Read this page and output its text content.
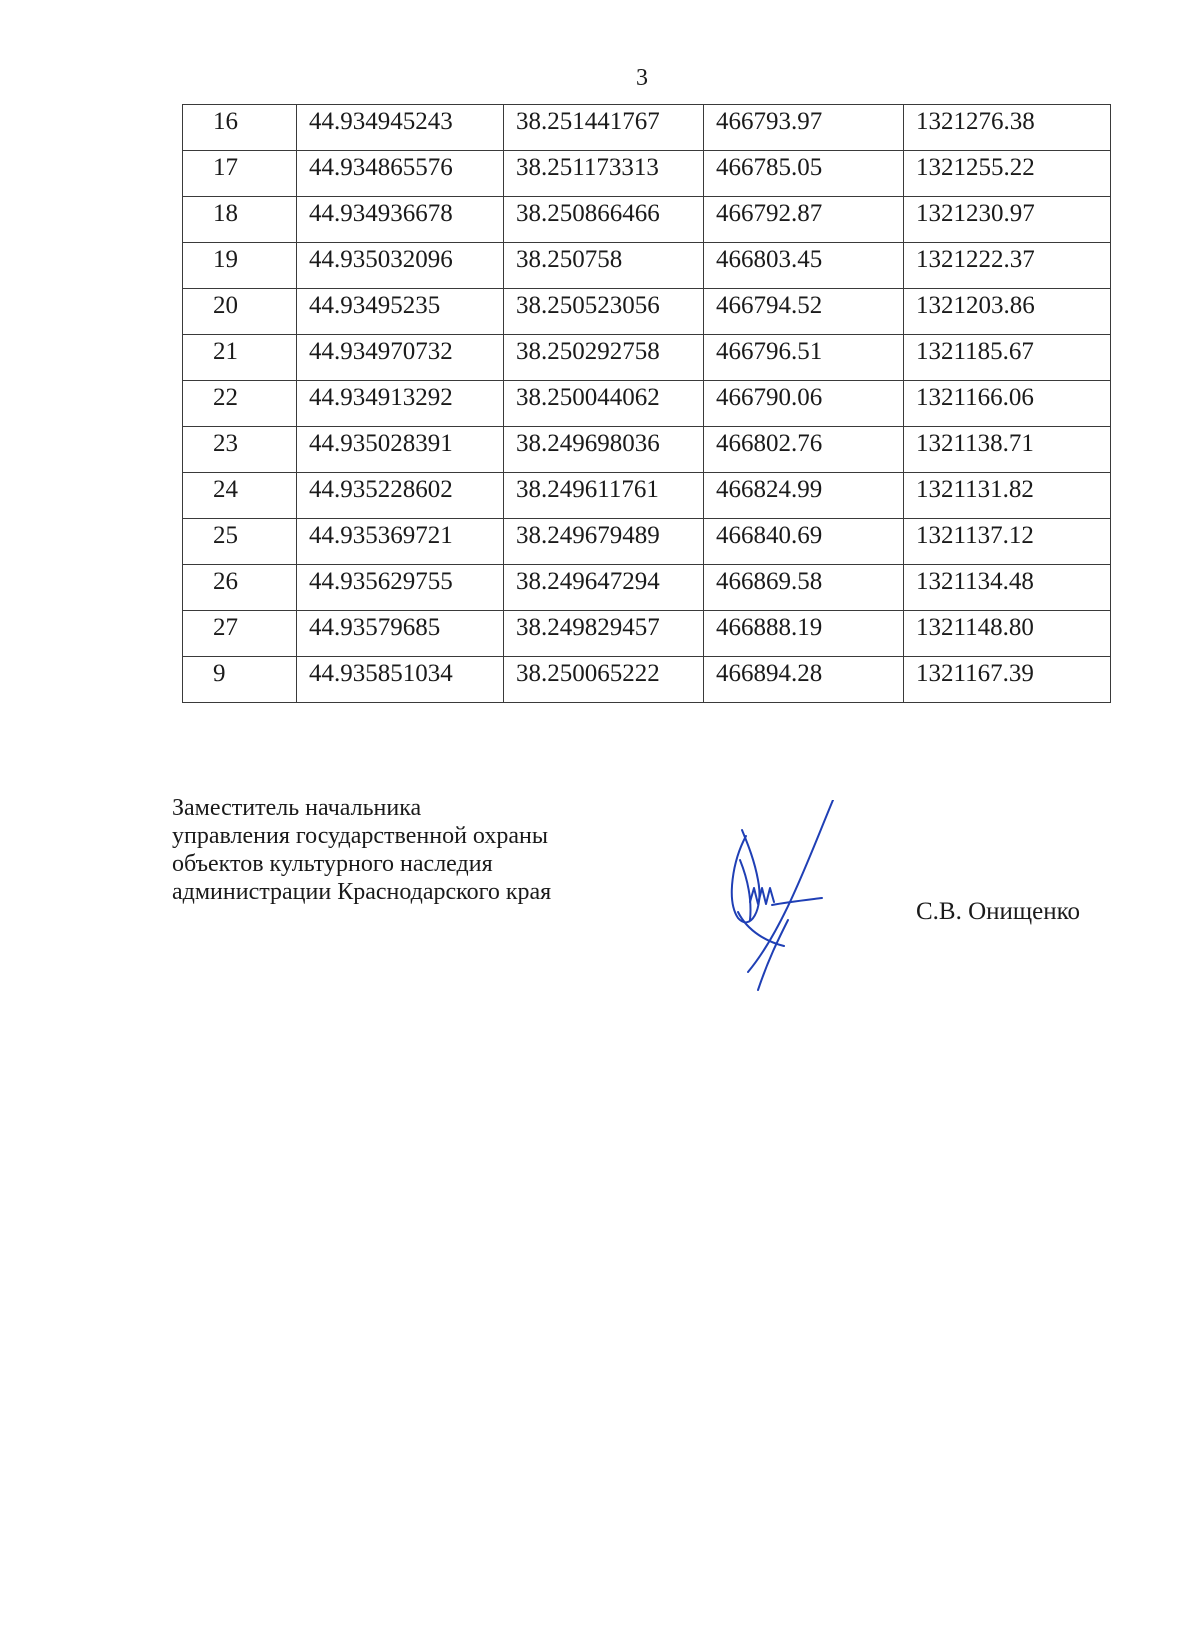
3
16	44.934945243	38.251441767	466793.97	1321276.38
17	44.934865576	38.251173313	466785.05	1321255.22
18	44.934936678	38.250866466	466792.87	1321230.97
19	44.935032096	38.250758	466803.45	1321222.37
20	44.93495235	38.250523056	466794.52	1321203.86
21	44.934970732	38.250292758	466796.51	1321185.67
22	44.934913292	38.250044062	466790.06	1321166.06
23	44.935028391	38.249698036	466802.76	1321138.71
24	44.935228602	38.249611761	466824.99	1321131.82
25	44.935369721	38.249679489	466840.69	1321137.12
26	44.935629755	38.249647294	466869.58	1321134.48
27	44.93579685	38.249829457	466888.19	1321148.80
9	44.935851034	38.250065222	466894.28	1321167.39
Заместитель начальника
управления государственной охраны
объектов культурного наследия
администрации Краснодарского края
С.В. Онищенко
